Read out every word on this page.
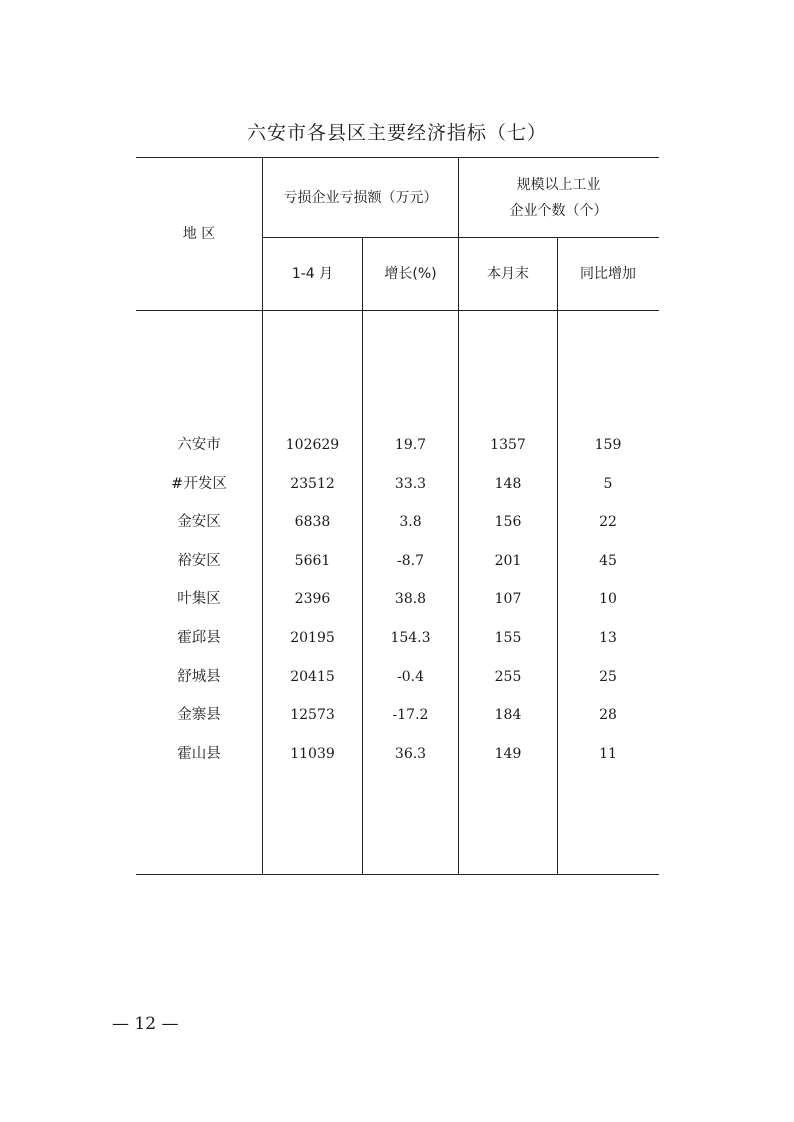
六安市各县区主要经济指标（七）
地 区
亏损企业亏损额（万元）
规模以上工业
企业个数（个）
1-4 月	增长(%)	本月末	同比增加
六安市	102629	19.7	1357	159
#开发区	23512	33.3	148	5
金安区	6838	3.8	156	22
裕安区	5661	-8.7	201	45
叶集区	2396	38.8	107	10
霍邱县	20195	154.3	155	13
舒城县	20415	-0.4	255	25
金寨县	12573	-17.2	184	28
霍山县	11039	36.3	149	11
— 12 —
